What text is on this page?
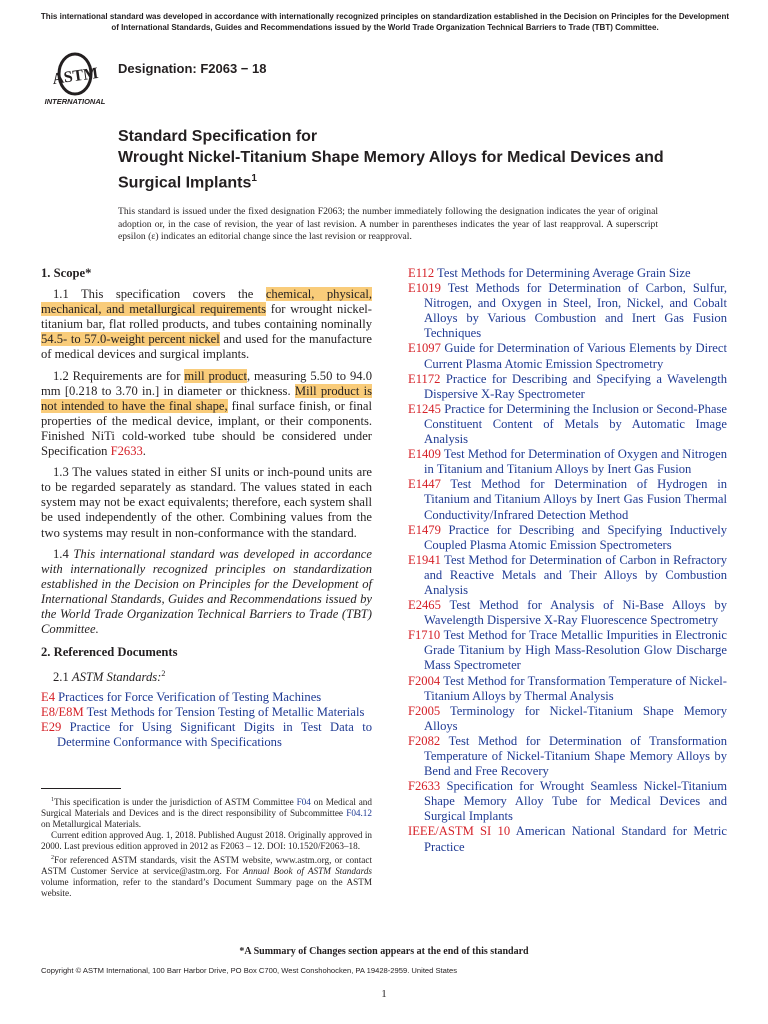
This international standard was developed in accordance with internationally recognized principles on standardization established in the Decision on Principles for the Development of International Standards, Guides and Recommendations issued by the World Trade Organization Technical Barriers to Trade (TBT) Committee.
ASTM
INTERNATIONAL
Designation: F2063 − 18
Standard Specification for
Wrought Nickel-Titanium Shape Memory Alloys for Medical Devices and Surgical Implants$^1$
This standard is issued under the fixed designation F2063; the number immediately following the designation indicates the year of original adoption or, in the case of revision, the year of last revision. A number in parentheses indicates the year of last reapproval. A superscript epsilon (ε) indicates an editorial change since the last revision or reapproval.
1. Scope*

1.1 This specification covers the chemical, physical, mechanical, and metallurgical requirements for wrought nickel-titanium bar, flat rolled products, and tubes containing nominally 54.5- to 57.0-weight percent nickel and used for the manufacture of medical devices and surgical implants.

1.2 Requirements are for mill product, measuring 5.50 to 94.0 mm [0.218 to 3.70 in.] in diameter or thickness. Mill product is not intended to have the final shape, final surface finish, or final properties of the medical device, implant, or their components. Finished NiTi cold-worked tube should be considered under Specification F2633.

1.3 The values stated in either SI units or inch-pound units are to be regarded separately as standard. The values stated in each system may not be exact equivalents; therefore, each system shall be used independently of the other. Combining values from the two systems may result in non-conformance with the standard.

1.4 This international standard was developed in accordance with internationally recognized principles on standardization established in the Decision on Principles for the Development of International Standards, Guides and Recommendations issued by the World Trade Organization Technical Barriers to Trade (TBT) Committee.

2. Referenced Documents
2.1 ASTM Standards:$^2$

E4 Practices for Force Verification of Testing Machines

E8/E8M Test Methods for Tension Testing of Metallic Materials

E29 Practice for Using Significant Digits in Test Data to Determine Conformance with Specifications

E112 Test Methods for Determining Average Grain Size

E1019 Test Methods for Determination of Carbon, Sulfur, Nitrogen, and Oxygen in Steel, Iron, Nickel, and Cobalt Alloys by Various Combustion and Inert Gas Fusion Techniques

E1097 Guide for Determination of Various Elements by Direct Current Plasma Atomic Emission Spectrometry

E1172 Practice for Describing and Specifying a Wavelength Dispersive X-Ray Spectrometer

E1245 Practice for Determining the Inclusion or Second-Phase Constituent Content of Metals by Automatic Image Analysis

E1409 Test Method for Determination of Oxygen and Nitrogen in Titanium and Titanium Alloys by Inert Gas Fusion

E1447 Test Method for Determination of Hydrogen in Titanium and Titanium Alloys by Inert Gas Fusion Thermal Conductivity/Infrared Detection Method

E1479 Practice for Describing and Specifying Inductively Coupled Plasma Atomic Emission Spectrometers

E1941 Test Method for Determination of Carbon in Refractory and Reactive Metals and Their Alloys by Combustion Analysis

E2465 Test Method for Analysis of Ni-Base Alloys by Wavelength Dispersive X-Ray Fluorescence Spectrometry

F1710 Test Method for Trace Metallic Impurities in Electronic Grade Titanium by High Mass-Resolution Glow Discharge Mass Spectrometer

F2004 Test Method for Transformation Temperature of Nickel-Titanium Alloys by Thermal Analysis

F2005 Terminology for Nickel-Titanium Shape Memory Alloys

F2082 Test Method for Determination of Transformation Temperature of Nickel-Titanium Shape Memory Alloys by Bend and Free Recovery

F2633 Specification for Wrought Seamless Nickel-Titanium Shape Memory Alloy Tube for Medical Devices and Surgical Implants

IEEE/ASTM SI 10 American National Standard for Metric Practice

$^1$This specification is under the jurisdiction of ASTM Committee F04 on Medical and Surgical Materials and Devices and is the direct responsibility of Subcommittee F04.12 on Metallurgical Materials.

Current edition approved Aug. 1, 2018. Published August 2018. Originally approved in 2000. Last previous edition approved in 2012 as F2063 – 12. DOI: 10.1520/F2063–18.

$^2$For referenced ASTM standards, visit the ASTM website, www.astm.org, or contact ASTM Customer Service at service@astm.org. For Annual Book of ASTM Standards volume information, refer to the standard’s Document Summary page on the ASTM website.

*A Summary of Changes section appears at the end of this standard
Copyright © ASTM International, 100 Barr Harbor Drive, PO Box C700, West Conshohocken, PA 19428-2959. United States
1
